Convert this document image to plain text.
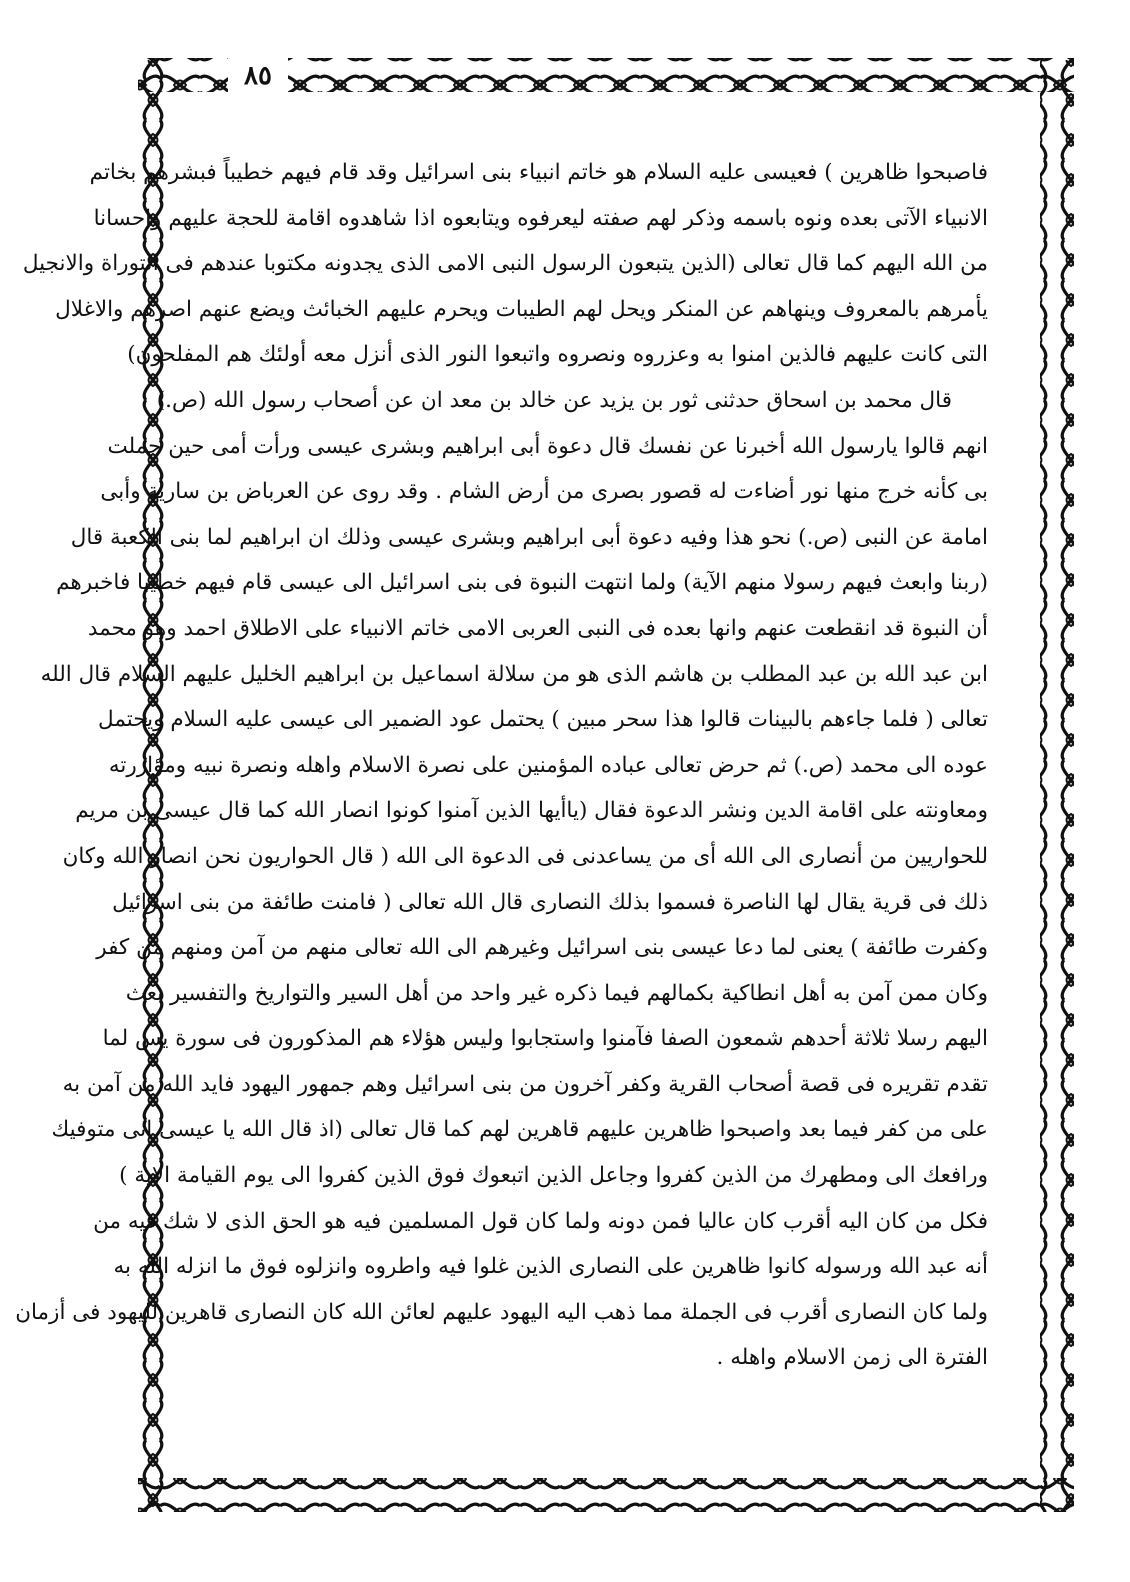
٨٥
فاصبحوا ظاهرين ) فعيسى عليه السلام هو خاتم انبياء بنى اسرائيل وقد قام فيهم خطيباً فبشرهم بخاتم
الانبياء الآتى بعده ونوه باسمه وذكر لهم صفته ليعرفوه ويتابعوه اذا شاهدوه اقامة للحجة عليهم واحسانا
من الله اليهم كما قال تعالى (الذين يتبعون الرسول النبى الامى الذى يجدونه مكتوبا عندهم فى التوراة والانجيل
يأمرهم بالمعروف وينهاهم عن المنكر ويحل لهم الطيبات ويحرم عليهم الخبائث ويضع عنهم اصرهم والاغلال
التى كانت عليهم فالذين امنوا به وعزروه ونصروه واتبعوا النور الذى أنزل معه أولئك هم المفلحون)
قال محمد بن اسحاق حدثنى ثور بن يزيد عن خالد بن معد ان عن أصحاب رسول الله (ص.)
انهم قالوا يارسول الله أخبرنا عن نفسك قال دعوة أبى ابراهيم وبشرى عيسى ورأت أمى حين حملت
بى كأنه خرج منها نور أضاءت له قصور بصرى من أرض الشام . وقد روى عن العرباض بن سارية وأبى
امامة عن النبى (ص.) نحو هذا وفيه دعوة أبى ابراهيم وبشرى عيسى وذلك ان ابراهيم لما بنى الكعبة قال
(ربنا وابعث فيهم رسولا منهم الآية) ولما انتهت النبوة فى بنى اسرائيل الى عيسى قام فيهم خطيبا فاخبرهم
أن النبوة قد انقطعت عنهم وانها بعده فى النبى العربى الامى خاتم الانبياء على الاطلاق احمد وهو محمد
ابن عبد الله بن عبد المطلب بن هاشم الذى هو من سلالة اسماعيل بن ابراهيم الخليل عليهم السلام قال الله
تعالى ( فلما جاءهم بالبينات قالوا هذا سحر مبين ) يحتمل عود الضمير الى عيسى عليه السلام ويحتمل
عوده الى محمد (ص.) ثم حرض تعالى عباده المؤمنين على نصرة الاسلام واهله ونصرة نبيه ومؤازرته
ومعاونته على اقامة الدين ونشر الدعوة فقال (ياأيها الذين آمنوا كونوا انصار الله كما قال عيسى بن مريم
للحواريين من أنصارى الى الله أى من يساعدنى فى الدعوة الى الله ( قال الحواريون نحن انصار الله وكان
ذلك فى قرية يقال لها الناصرة فسموا بذلك النصارى قال الله تعالى ( فامنت طائفة من بنى اسرائيل
وكفرت طائفة ) يعنى لما دعا عيسى بنى اسرائيل وغيرهم الى الله تعالى منهم من آمن ومنهم من كفر
وكان ممن آمن به أهل انطاكية بكمالهم فيما ذكره غير واحد من أهل السير والتواريخ والتفسير بعث
اليهم رسلا ثلاثة أحدهم شمعون الصفا فآمنوا واستجابوا وليس هؤلاء هم المذكورون فى سورة يس لما
تقدم تقريره فى قصة أصحاب القرية وكفر آخرون من بنى اسرائيل وهم جمهور اليهود فايد الله من آمن به
على من كفر فيما بعد واصبحوا ظاهرين عليهم قاهرين لهم كما قال تعالى (اذ قال الله يا عيسى انى متوفيك
ورافعك الى ومطهرك من الذين كفروا وجاعل الذين اتبعوك فوق الذين كفروا الى يوم القيامة الاية )
فكل من كان اليه أقرب كان عاليا فمن دونه ولما كان قول المسلمين فيه هو الحق الذى لا شك فيه من
أنه عبد الله ورسوله كانوا ظاهرين على النصارى الذين غلوا فيه واطروه وانزلوه فوق ما انزله الله به
ولما كان النصارى أقرب فى الجملة مما ذهب اليه اليهود عليهم لعائن الله كان النصارى قاهرين لليهود فى أزمان
الفترة الى زمن الاسلام واهله .
